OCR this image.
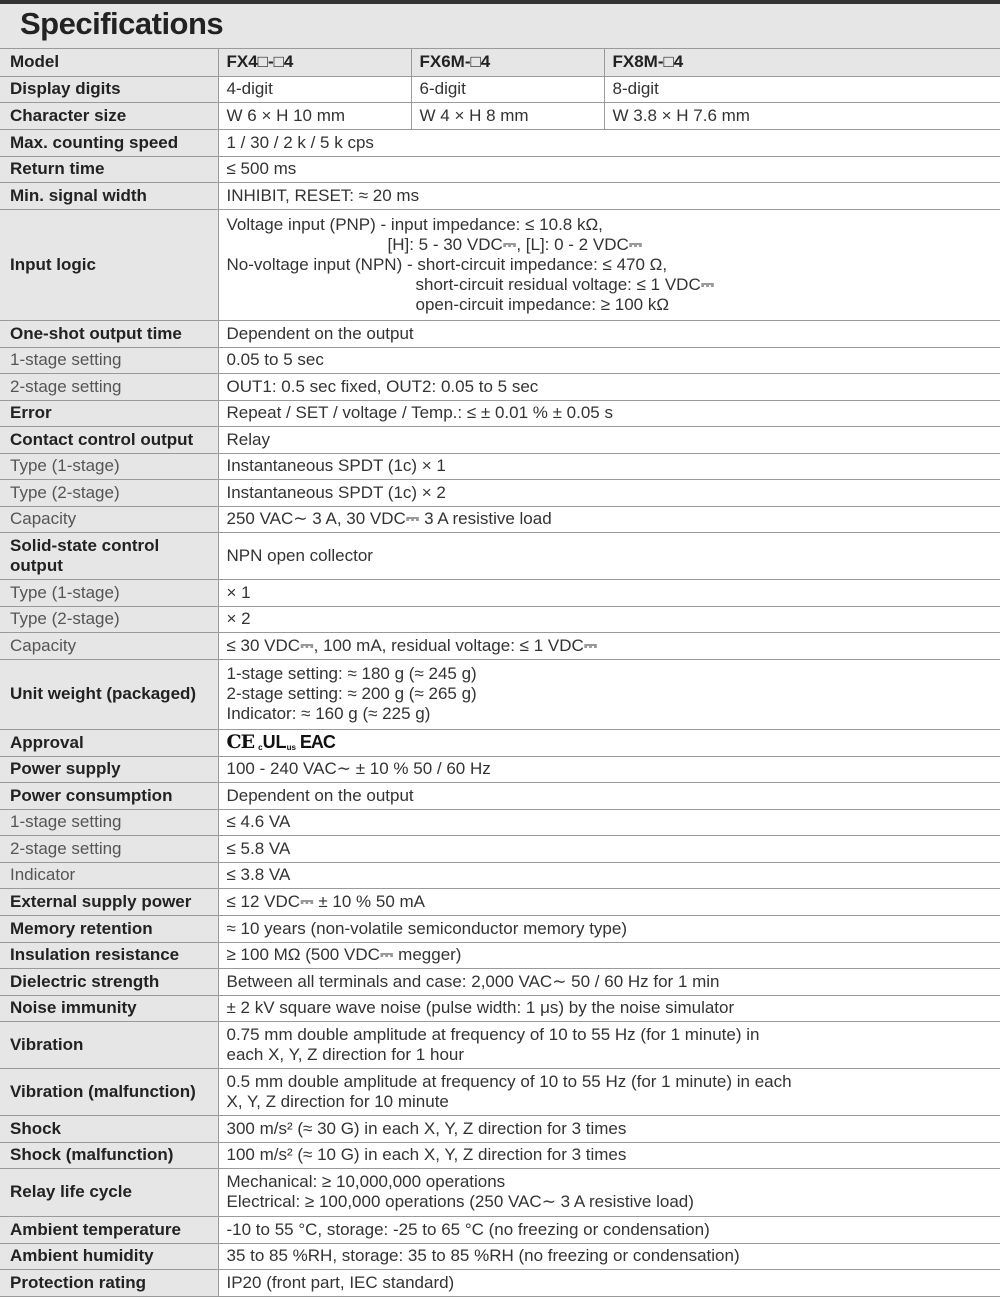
Specifications
Model	FX4□-□4	FX6M-□4	FX8M-□4
Display digits	4-digit	6-digit	8-digit
Character size	W 6 × H 10 mm	W 4 × H 8 mm	W 3.8 × H 7.6 mm
Max. counting speed	1 / 30 / 2 k / 5 k cps		
Return time	≤ 500 ms		
Min. signal width	INHIBIT, RESET: ≈ 20 ms		
Input logic	Voltage input (PNP) - input impedance: ≤ 10.8 kΩ,
[H]: 5 - 30 VDC⎓, [L]: 0 - 2 VDC⎓
No-voltage input (NPN) - short-circuit impedance: ≤ 470 Ω,
short-circuit residual voltage: ≤ 1 VDC⎓
open-circuit impedance: ≥ 100 kΩ		

One-shot output time	Dependent on the output		
1-stage setting	0.05 to 5 sec		
2-stage setting	OUT1: 0.5 sec fixed, OUT2: 0.05 to 5 sec		
Error	Repeat / SET / voltage / Temp.: ≤ ± 0.01 % ± 0.05 s		
Contact control output	Relay		
Type (1-stage)	Instantaneous SPDT (1c) × 1		
Type (2-stage)	Instantaneous SPDT (1c) × 2		
Capacity	250 VAC∼ 3 A, 30 VDC⎓ 3 A resistive load		
Solid-state control output	NPN open collector		
Type (1-stage)	× 1		
Type (2-stage)	× 2		
Capacity	≤ 30 VDC⎓, 100 mA, residual voltage: ≤ 1 VDC⎓		
Unit weight (packaged)	1-stage setting: ≈ 180 g (≈ 245 g)
2-stage setting: ≈ 200 g (≈ 265 g)
Indicator: ≈ 160 g (≈ 225 g)		

Approval	CE c UL us EAC		

Power supply	100 - 240 VAC∼ ± 10 % 50 / 60 Hz		
Power consumption	Dependent on the output		
1-stage setting	≤ 4.6 VA		
2-stage setting	≤ 5.8 VA		
Indicator	≤ 3.8 VA		
External supply power	≤ 12 VDC⎓ ± 10 % 50 mA		
Memory retention	≈ 10 years (non-volatile semiconductor memory type)		
Insulation resistance	≥ 100 MΩ (500 VDC⎓ megger)		
Dielectric strength	Between all terminals and case: 2,000 VAC∼ 50 / 60 Hz for 1 min		
Noise immunity	± 2 kV square wave noise (pulse width: 1 μs) by the noise simulator		
Vibration	0.75 mm double amplitude at frequency of 10 to 55 Hz (for 1 minute) in
each X, Y, Z direction for 1 hour		

Vibration (malfunction)	0.5 mm double amplitude at frequency of 10 to 55 Hz (for 1 minute) in each
X, Y, Z direction for 10 minute		

Shock	300 m/s² (≈ 30 G) in each X, Y, Z direction for 3 times		
Shock (malfunction)	100 m/s² (≈ 10 G) in each X, Y, Z direction for 3 times		
Relay life cycle	Mechanical: ≥ 10,000,000 operations
Electrical: ≥ 100,000 operations (250 VAC∼ 3 A resistive load)		

Ambient temperature	-10 to 55 °C, storage: -25 to 65 °C (no freezing or condensation)		
Ambient humidity	35 to 85 %RH, storage: 35 to 85 %RH (no freezing or condensation)		
Protection rating	IP20 (front part, IEC standard)		
